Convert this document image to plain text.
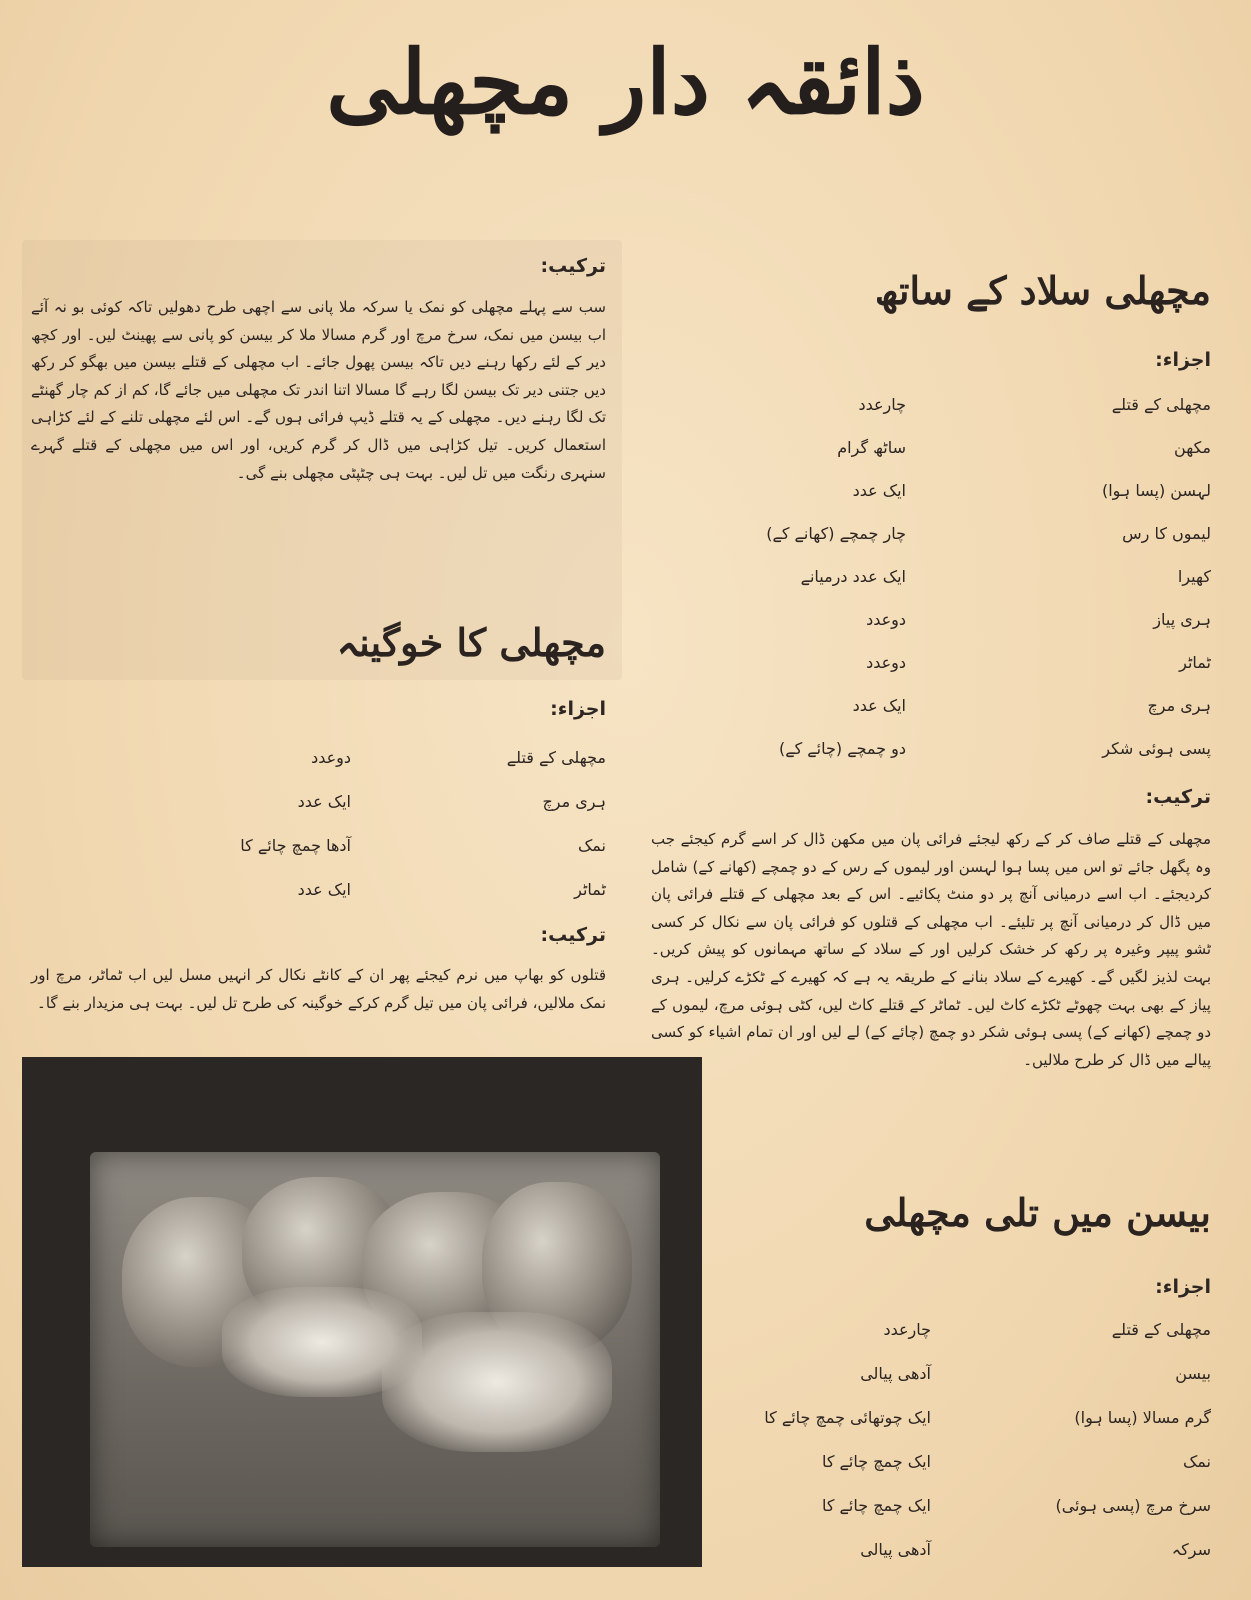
ذائقہ دار مچھلی
مچھلی سلاد کے ساتھ
اجزاء:
مچھلی کے قتلے
چارعدد
مکھن
ساٹھ گرام
لہسن (پسا ہوا)
ایک عدد
لیموں کا رس
چار چمچے (کھانے کے)
کھیرا
ایک عدد درمیانے
ہری پیاز
دوعدد
ٹماٹر
دوعدد
ہری مرچ
ایک عدد
پسی ہوئی شکر
دو چمچے (چائے کے)
ترکیب:
مچھلی کے قتلے صاف کر کے رکھ لیجئے فرائی پان میں مکھن ڈال کر اسے گرم کیجئے جب وہ پگھل جائے تو اس میں پسا ہوا لہسن اور لیموں کے رس کے دو چمچے (کھانے کے) شامل کردیجئے۔ اب اسے درمیانی آنچ پر دو منٹ پکائیے۔ اس کے بعد مچھلی کے قتلے فرائی پان میں ڈال کر درمیانی آنچ پر تلیئے۔ اب مچھلی کے قتلوں کو فرائی پان سے نکال کر کسی ٹشو پیپر وغیرہ پر رکھ کر خشک کرلیں اور کے سلاد کے ساتھ مہمانوں کو پیش کریں۔ بہت لذیز لگیں گے۔ کھیرے کے سلاد بنانے کے طریقہ یہ ہے کہ کھیرے کے ٹکڑے کرلیں۔ ہری پیاز کے بھی بہت چھوٹے ٹکڑے کاٹ لیں۔ ٹماٹر کے قتلے کاٹ لیں، کٹی ہوئی مرچ، لیموں کے دو چمچے (کھانے کے) پسی ہوئی شکر دو چمچ (چائے کے) لے لیں اور ان تمام اشیاء کو کسی پیالے میں ڈال کر طرح ملالیں۔
بیسن میں تلی مچھلی
اجزاء:
مچھلی کے قتلے
چارعدد
بیسن
آدھی پیالی
گرم مسالا (پسا ہوا)
ایک چوتھائی چمچ چائے کا
نمک
ایک چمچ چائے کا
سرخ مرچ (پسی ہوئی)
ایک چمچ چائے کا
سرکہ
آدھی پیالی
ترکیب:
سب سے پہلے مچھلی کو نمک یا سرکہ ملا پانی سے اچھی طرح دھولیں تاکہ کوئی بو نہ آئے اب بیسن میں نمک، سرخ مرچ اور گرم مسالا ملا کر بیسن کو پانی سے پھینٹ لیں۔ اور کچھ دیر کے لئے رکھا رہنے دیں تاکہ بیسن پھول جائے۔ اب مچھلی کے قتلے بیسن میں بھگو کر رکھ دیں جتنی دیر تک بیسن لگا رہے گا مسالا اتنا اندر تک مچھلی میں جائے گا، کم از کم چار گھنٹے تک لگا رہنے دیں۔ مچھلی کے یہ قتلے ڈیپ فرائی ہوں گے۔ اس لئے مچھلی تلنے کے لئے کڑاہی استعمال کریں۔ تیل کڑاہی میں ڈال کر گرم کریں، اور اس میں مچھلی کے قتلے گہرے سنہری رنگت میں تل لیں۔ بہت ہی چٹپٹی مچھلی بنے گی۔
مچھلی کا خوگینہ
اجزاء:
مچھلی کے قتلے
دوعدد
ہری مرچ
ایک عدد
نمک
آدھا چمچ چائے کا
ٹماٹر
ایک عدد
ترکیب:
قتلوں کو بھاپ میں نرم کیجئے پھر ان کے کانٹے نکال کر انہیں مسل لیں اب ٹماٹر، مرچ اور نمک ملالیں، فرائی پان میں تیل گرم کرکے خوگینہ کی طرح تل لیں۔ بہت ہی مزیدار بنے گا۔
